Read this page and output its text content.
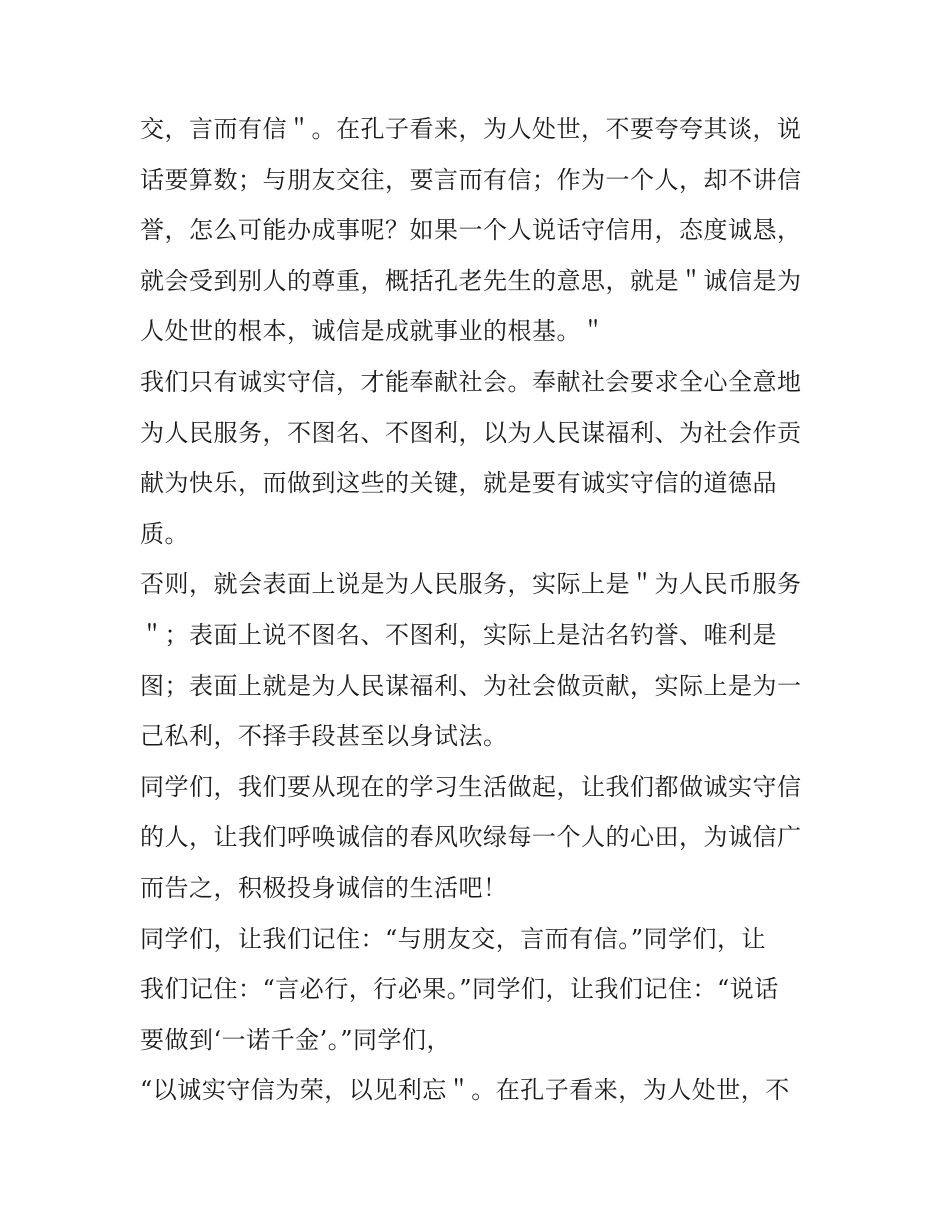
交，言而有信＂。在孔子看来，为人处世，不要夸夸其谈，说
话要算数；与朋友交往，要言而有信；作为一个人，却不讲信
誉，怎么可能办成事呢？如果一个人说话守信用，态度诚恳，
就会受到别人的尊重，概括孔老先生的意思，就是＂诚信是为
人处世的根本，诚信是成就事业的根基。＂
我们只有诚实守信，才能奉献社会。奉献社会要求全心全意地
为人民服务，不图名、不图利，以为人民谋福利、为社会作贡
献为快乐，而做到这些的关键，就是要有诚实守信的道德品
质。
否则，就会表面上说是为人民服务，实际上是＂为人民币服务
＂；表面上说不图名、不图利，实际上是沽名钓誉、唯利是
图；表面上就是为人民谋福利、为社会做贡献，实际上是为一
己私利，不择手段甚至以身试法。
同学们，我们要从现在的学习生活做起，让我们都做诚实守信
的人，让我们呼唤诚信的春风吹绿每一个人的心田，为诚信广
而告之，积极投身诚信的生活吧！
同学们，让我们记住：“与朋友交，言而有信。”同学们，让
我们记住：“言必行，行必果。”同学们，让我们记住：“说话
要做到‘一诺千金’。”同学们，
“以诚实守信为荣，以见利忘＂。在孔子看来，为人处世，不
